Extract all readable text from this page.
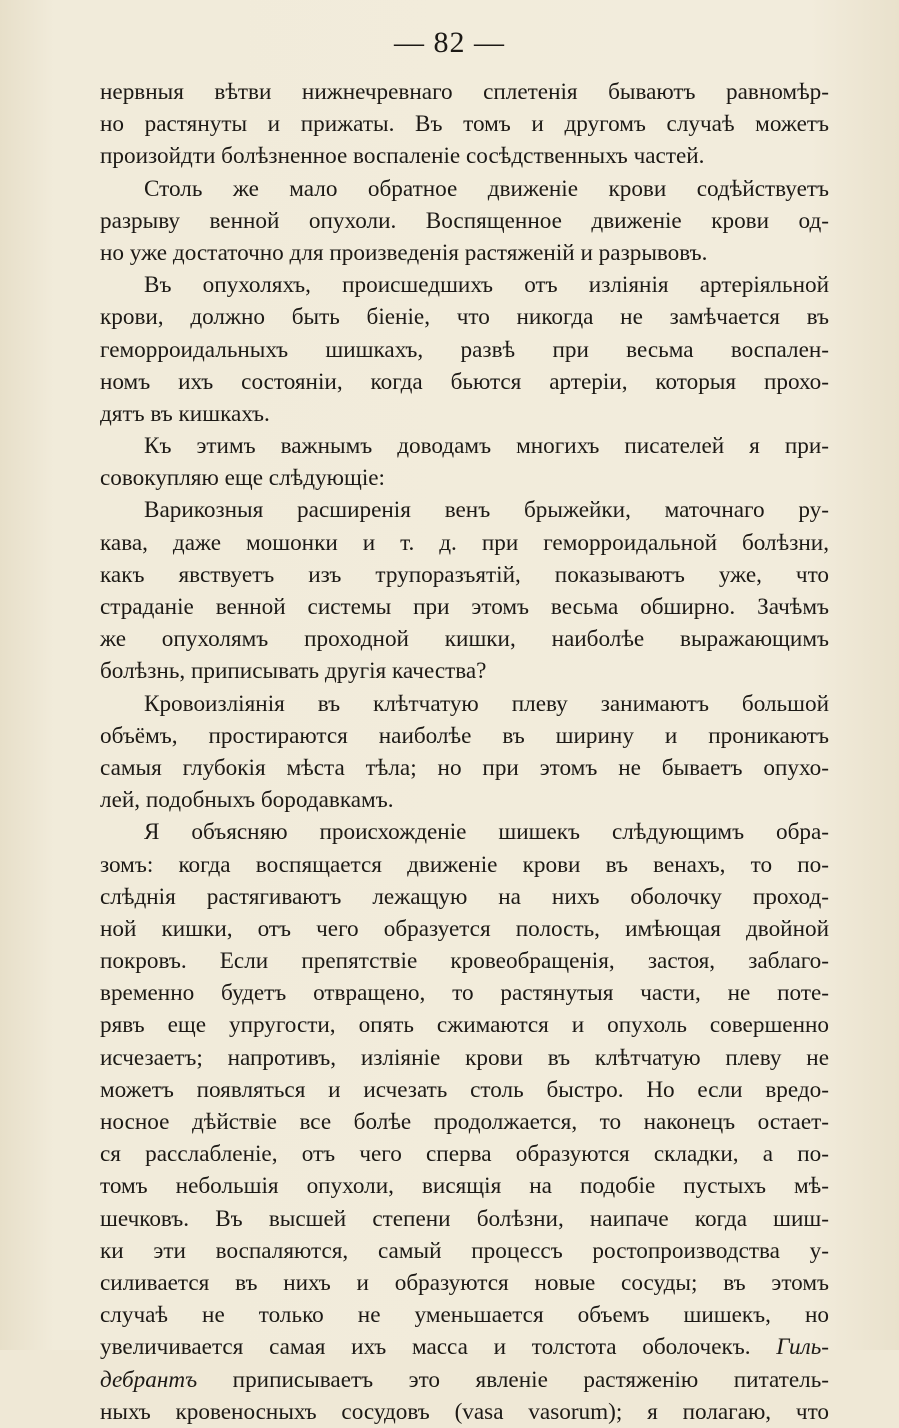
— 82 —
нервныя вѣтви нижнечревнаго сплетенія бываютъ равномѣр-
но растянуты и прижаты. Въ томъ и другомъ случаѣ можетъ
произойдти болѣзненное воспаленіе сосѣдственныхъ частей.
Столь же мало обратное движеніе крови содѣйствуетъ
разрыву венной опухоли. Воспященное движеніе крови од-
но уже достаточно для произведенія растяженій и разрывовъ.
Въ опухоляхъ, происшедшихъ отъ изліянія артеріяльной
крови, должно быть біеніе, что никогда не замѣчается въ
геморроидальныхъ шишкахъ, развѣ при весьма воспален-
номъ ихъ состояніи, когда бьются артеріи, которыя прохо-
дятъ въ кишкахъ.
Къ этимъ важнымъ доводамъ многихъ писателей я при-
совокупляю еще слѣдующіе:
Варикозныя расширенія венъ брыжейки, маточнаго ру-
кава, даже мошонки и т. д. при геморроидальной болѣзни,
какъ явствуетъ изъ трупоразъятій, показываютъ уже, что
страданіе венной системы при этомъ весьма обширно. Зачѣмъ
же опухолямъ проходной кишки, наиболѣе выражающимъ
болѣзнь, приписывать другія качества?
Кровоизліянія въ клѣтчатую плеву занимаютъ большой
объёмъ, простираются наиболѣе въ ширину и проникаютъ
самыя глубокія мѣста тѣла; но при этомъ не бываетъ опухо-
лей, подобныхъ бородавкамъ.
Я объясняю происхожденіе шишекъ слѣдующимъ обра-
зомъ: когда воспящается движеніе крови въ венахъ, то по-
слѣднія растягиваютъ лежащую на нихъ оболочку проход-
ной кишки, отъ чего образуется полость, имѣющая двойной
покровъ. Если препятствіе кровеобращенія, застоя, заблаго-
временно будетъ отвращено, то растянутыя части, не потe-
рявъ еще упругости, опять сжимаются и опухоль совершенно
исчезаетъ; напротивъ, изліяніе крови въ клѣтчатую плеву не
можетъ появляться и исчезать столь быстро. Но если вредо-
носное дѣйствіе все болѣе продолжается, то наконецъ остает-
ся расслабленіе, отъ чего сперва образуются складки, а по-
томъ небольшія опухоли, висящія на подобіе пустыхъ мѣ-
шечковъ. Въ высшей степени болѣзни, наипаче когда шиш-
ки эти воспаляются, самый процессъ ростопроизводства у-
силивается въ нихъ и образуются новые сосуды; въ этомъ
случаѣ не только не уменьшается объемъ шишекъ, но
увеличивается самая ихъ масса и толстота оболочекъ. Гиль-
дебрантъ приписываетъ это явленіе растяженію питатель-
ныхъ кровеносныхъ сосудовъ (vasa vasorum); я полагаю, что
